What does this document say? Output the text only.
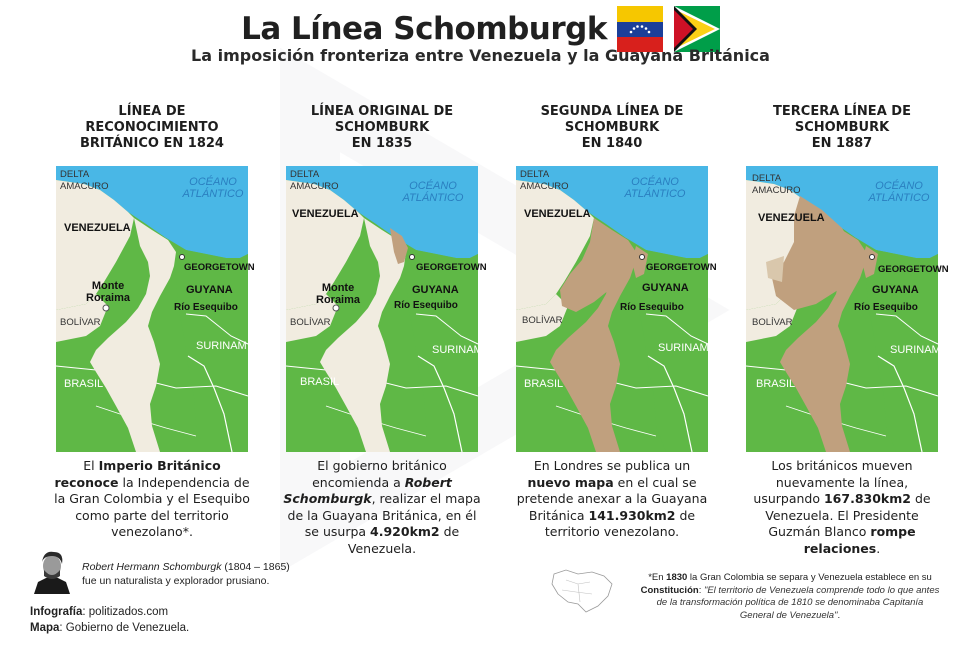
La Línea Schomburgk
La imposición fronteriza entre Venezuela y la Guayana Británica
LÍNEA DE
RECONOCIMIENTO
BRITÁNICO EN 1824
DELTA
AMACURO	OCÉANO
ATLÁNTICO
VENEZUELA
GEORGETOWN
GUYANA
Monte
Roraima
Río Esequibo
BOLÍVAR
SURINAM
BRASIL
El Imperio Británico reconoce la Independencia de la Gran Colombia y el Esequibo como parte del territorio venezolano*.
LÍNEA ORIGINAL DE
SCHOMBURK
EN 1835
DELTA
AMACURO	OCÉANO
ATLÁNTICO
VENEZUELA
GEORGETOWN
GUYANA
Monte
Roraima	Río Esequibo
BOLÍVAR
SURINAM
BRASIL
El gobierno británico encomienda a Robert Schomburgk, realizar el mapa de la Guayana Británica, en él se usurpa 4.920km2 de Venezuela.
SEGUNDA LÍNEA DE
SCHOMBURK
EN 1840
DELTA
AMACURO	OCÉANO
ATLÁNTICO
VENEZUELA
GEORGETOWN
GUYANA
Río Esequibo
BOLÍVAR
SURINAM
BRASIL
En Londres se publica un nuevo mapa en el cual se pretende anexar a la Guayana Británica 141.930km2 de territorio venezolano.
TERCERA LÍNEA DE
SCHOMBURK
EN 1887
DELTA
AMACURO	OCÉANO
ATLÁNTICO
VENEZUELA
GEORGETOWN
GUYANA
Río Esequibo
BOLÍVAR
SURINAM
BRASIL
Los británicos mueven nuevamente la línea, usurpando 167.830km2 de Venezuela. El Presidente Guzmán Blanco rompe relaciones.
Robert Hermann Schomburgk (1804 – 1865)
fue un naturalista y explorador prusiano.
Infografía: politizados.com
Mapa: Gobierno de Venezuela.
*En 1830 la Gran Colombia se separa y Venezuela establece en su Constitución: "El territorio de Venezuela comprende todo lo que antes de la transformación política de 1810 se denominaba Capitanía General de Venezuela".
